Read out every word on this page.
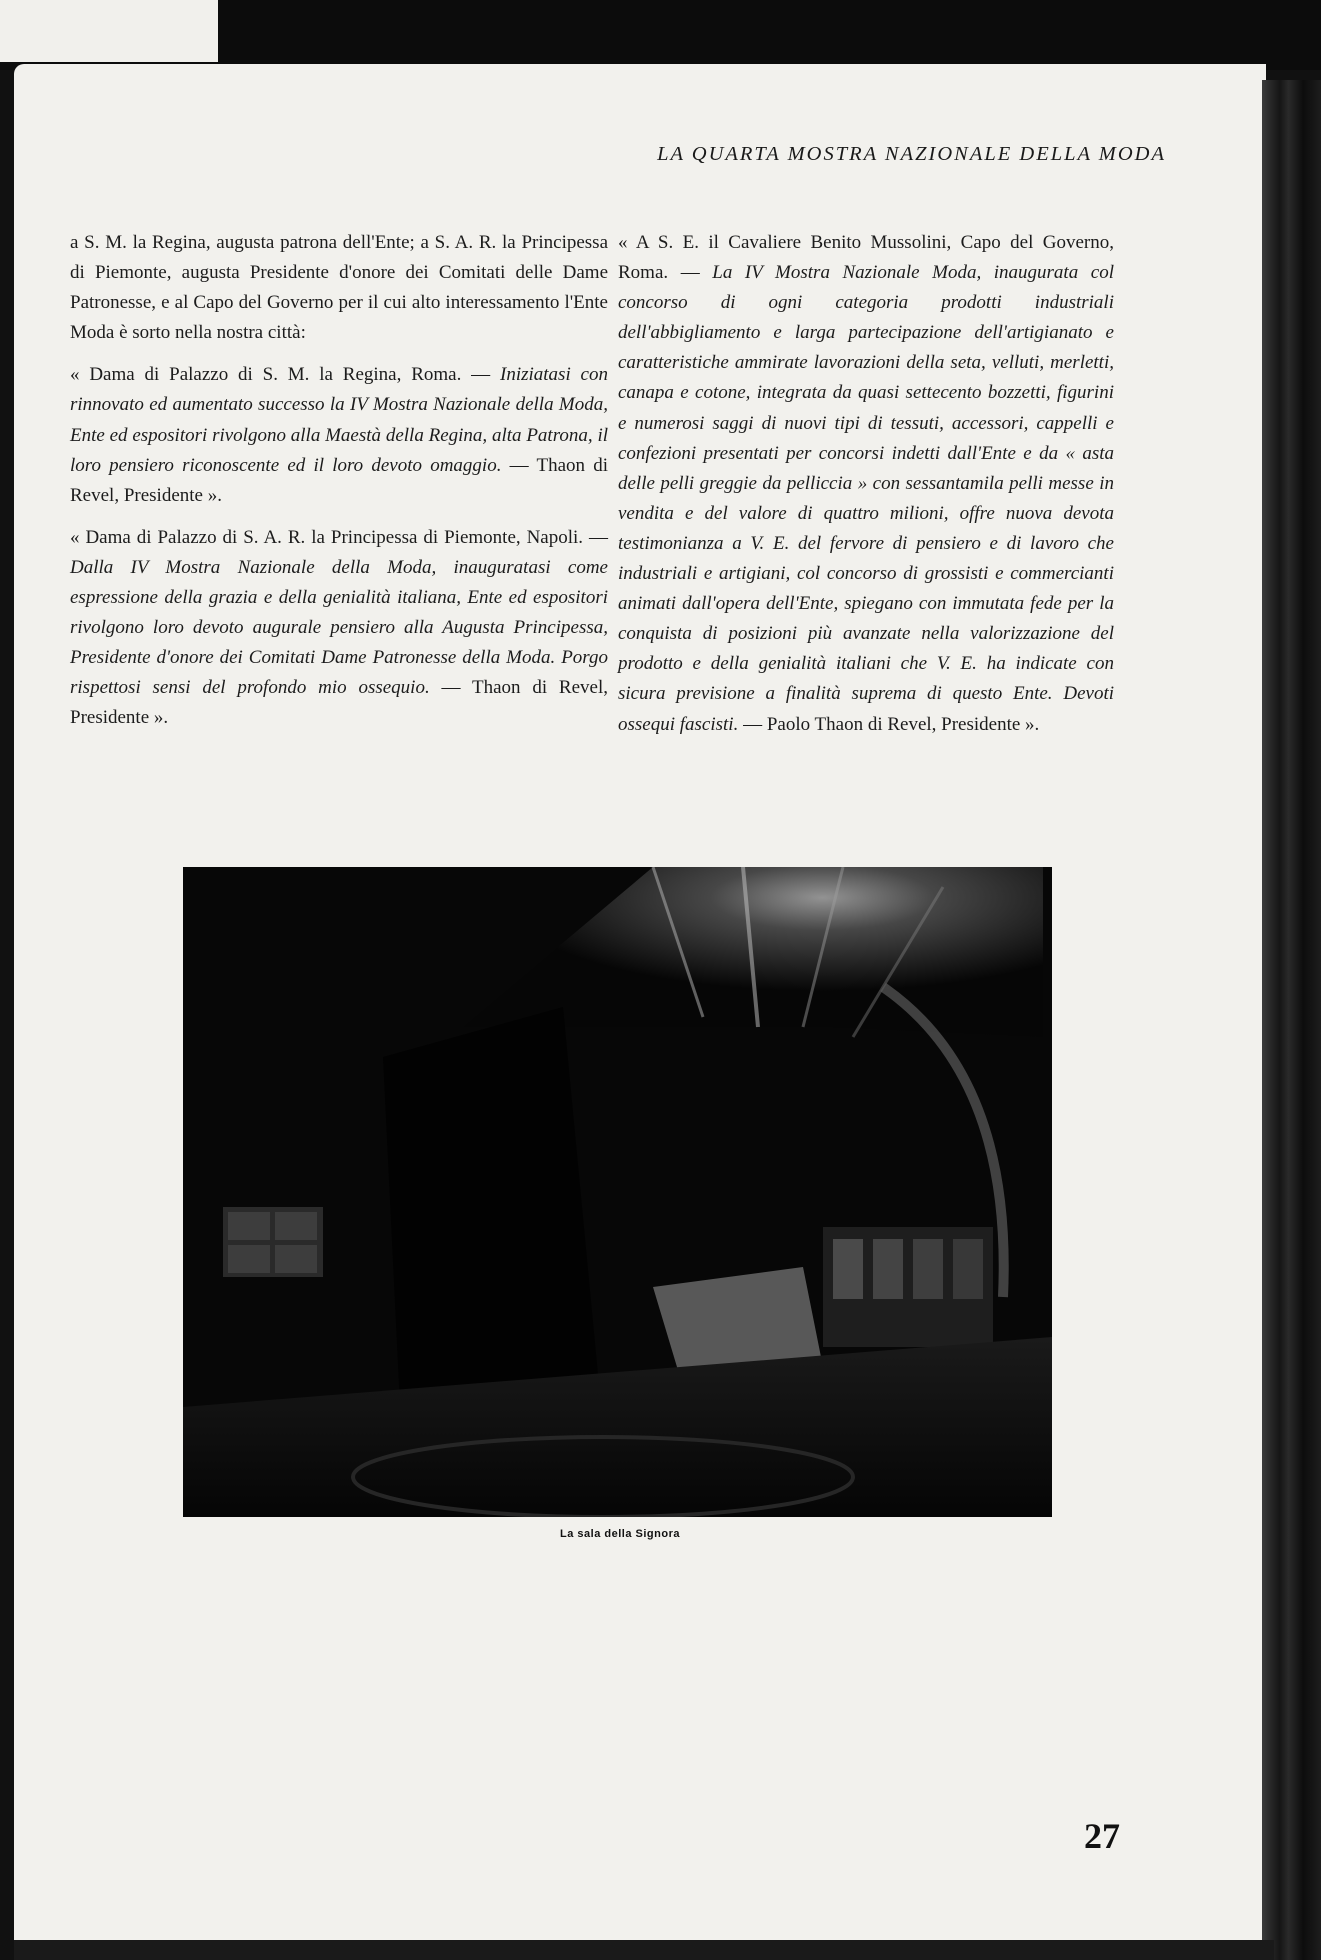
LA QUARTA MOSTRA NAZIONALE DELLA MODA

a S. M. la Regina, augusta patrona dell'Ente; a S. A. R. la Principessa di Piemonte, augusta Presidente d'onore dei Comitati delle Dame Patronesse, e al Capo del Governo per il cui alto interessamento l'Ente Moda è sorto nella nostra città:

« Dama di Palazzo di S. M. la Regina, Roma. — Iniziatasi con rinnovato ed aumentato successo la IV Mostra Nazionale della Moda, Ente ed espositori rivolgono alla Maestà della Regina, alta Patrona, il loro pensiero riconoscente ed il loro devoto omaggio. — Thaon di Revel, Presidente ».

« Dama di Palazzo di S. A. R. la Principessa di Piemonte, Napoli. — Dalla IV Mostra Nazionale della Moda, inauguratasi come espressione della grazia e della genialità italiana, Ente ed espositori rivolgono loro devoto augurale pensiero alla Augusta Principessa, Presidente d'onore dei Comitati Dame Patronesse della Moda. Porgo rispettosi sensi del profondo mio ossequio. — Thaon di Revel, Presidente ».

« A S. E. il Cavaliere Benito Mussolini, Capo del Governo, Roma. — La IV Mostra Nazionale Moda, inaugurata col concorso di ogni categoria prodotti industriali dell'abbigliamento e larga partecipazione dell'artigianato e caratteristiche ammirate lavorazioni della seta, velluti, merletti, canapa e cotone, integrata da quasi settecento bozzetti, figurini e numerosi saggi di nuovi tipi di tessuti, accessori, cappelli e confezioni presentati per concorsi indetti dall'Ente e da « asta delle pelli greggie da pelliccia » con sessantamila pelli messe in vendita e del valore di quattro milioni, offre nuova devota testimonianza a V. E. del fervore di pensiero e di lavoro che industriali e artigiani, col concorso di grossisti e commercianti animati dall'opera dell'Ente, spiegano con immutata fede per la conquista di posizioni più avanzate nella valorizzazione del prodotto e della genialità italiani che V. E. ha indicate con sicura previsione a finalità suprema di questo Ente. Devoti ossequi fascisti. — Paolo Thaon di Revel, Presidente ».

La sala della Signora
27
